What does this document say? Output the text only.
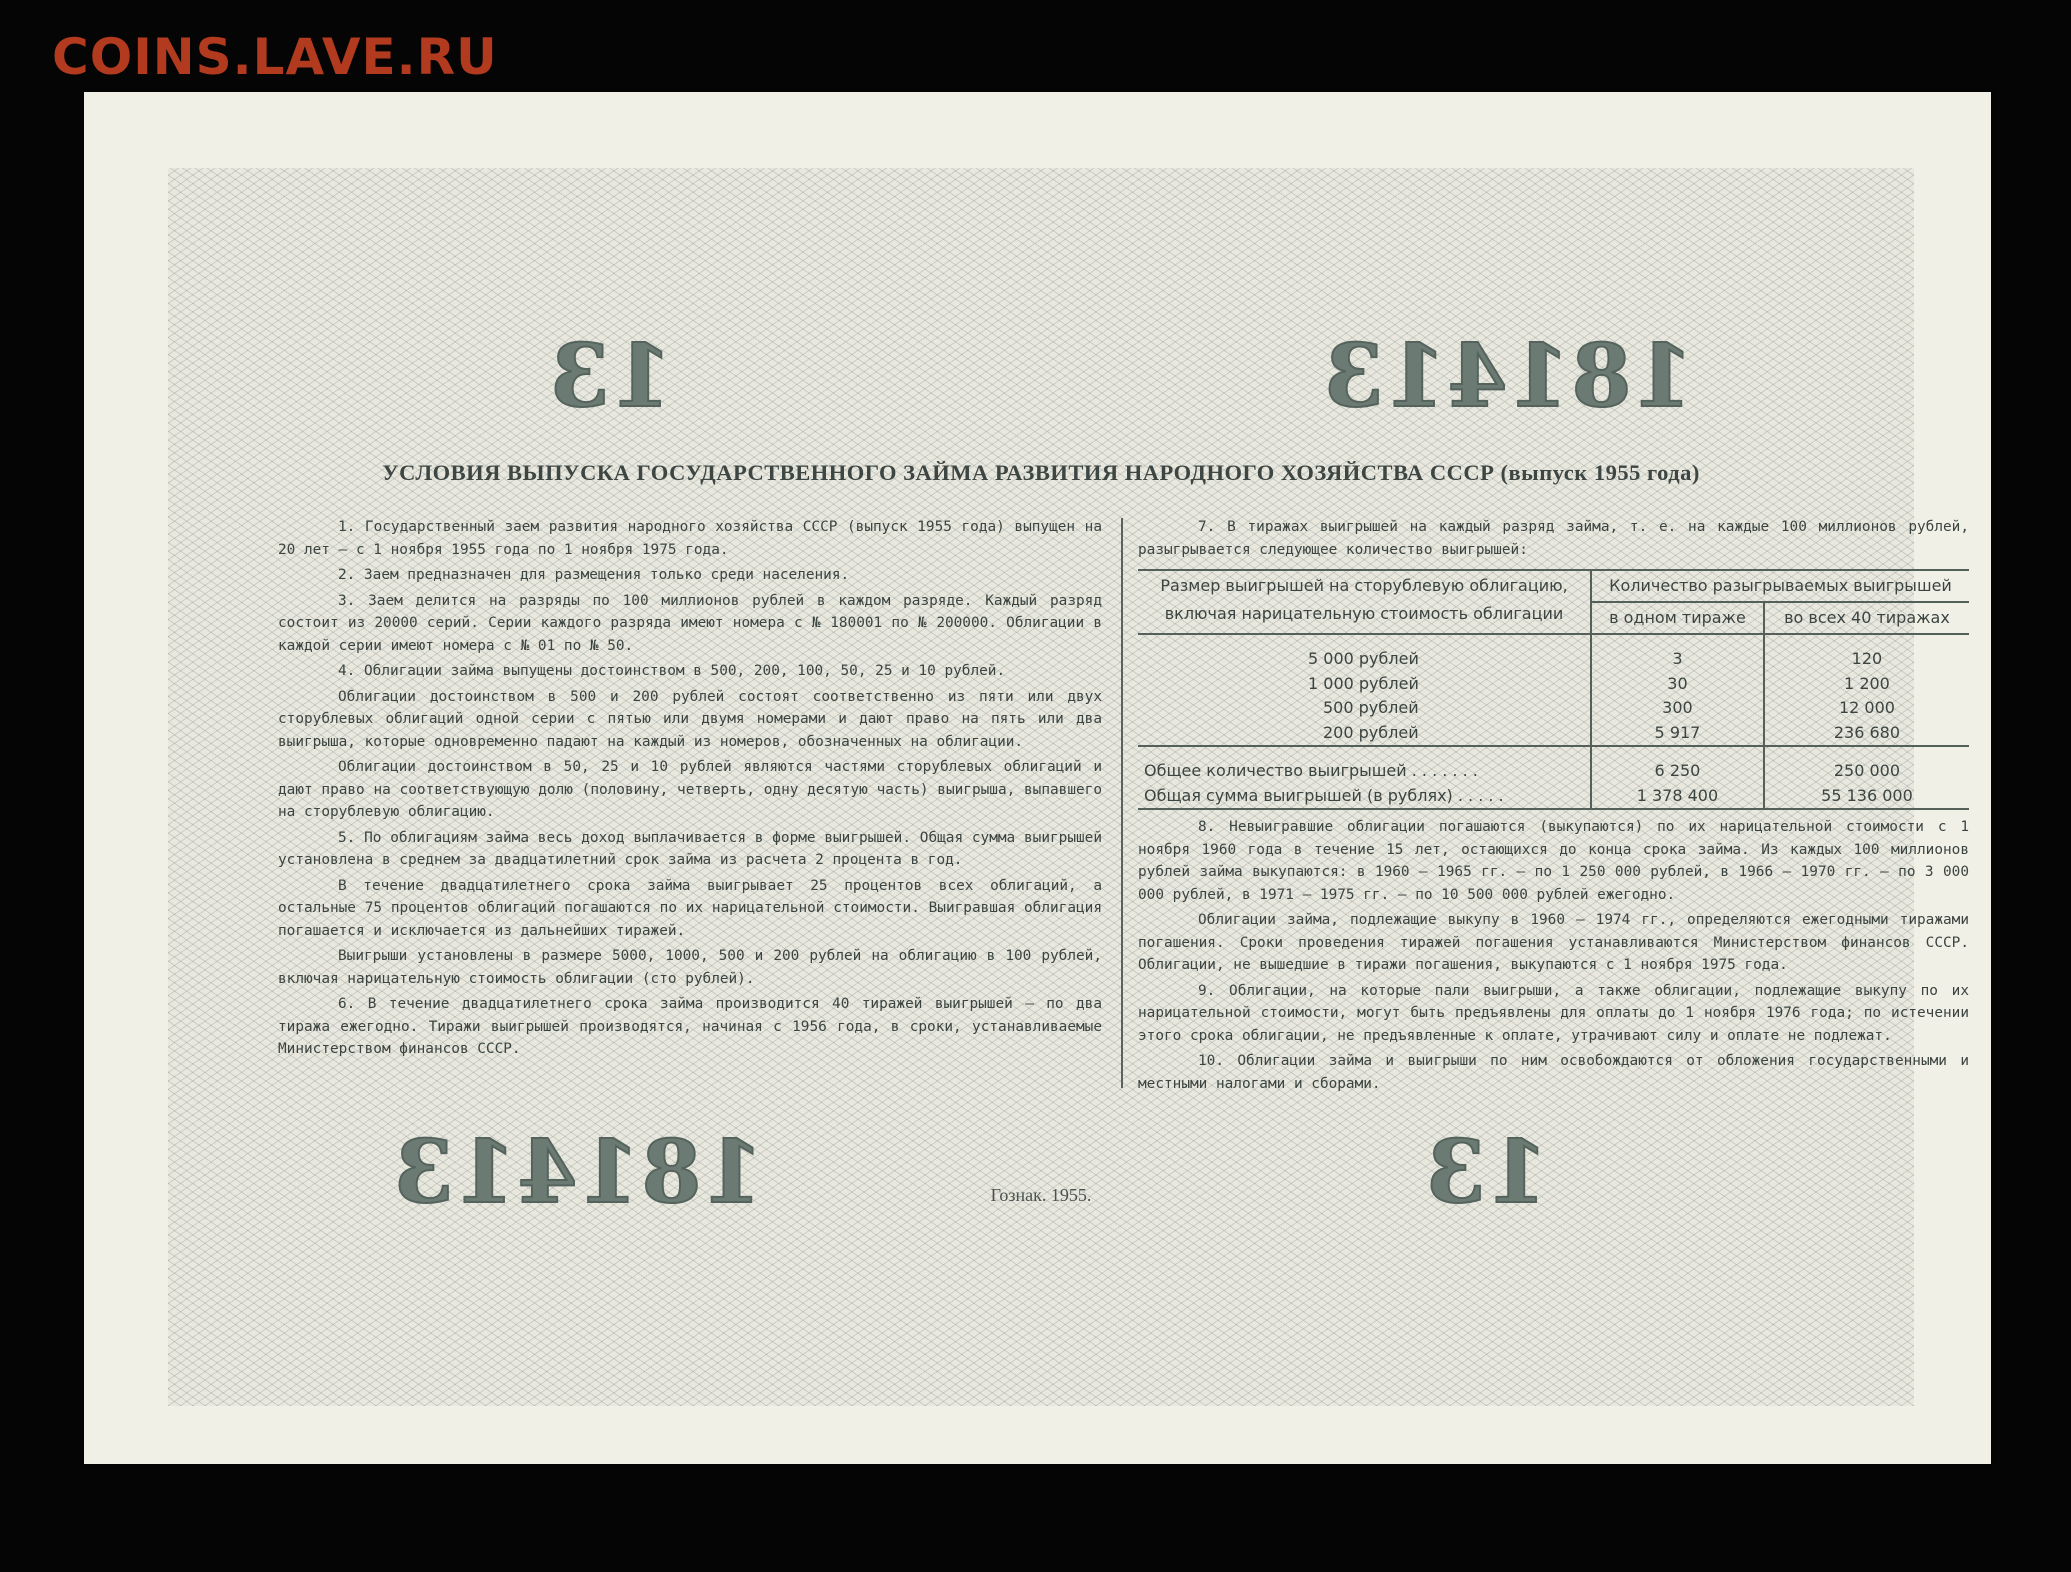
COINS.LAVE.RU
181413
13
УСЛОВИЯ ВЫПУСКА ГОСУДАРСТВЕННОГО ЗАЙМА РАЗВИТИЯ НАРОДНОГО ХОЗЯЙСТВА СССР (выпуск 1955 года)

1. Государственный заем развития народного хозяйства СССР (выпуск 1955 года) выпущен на 20 лет — с 1 ноября 1955 года по 1 ноября 1975 года.

2. Заем предназначен для размещения только среди населения.

3. Заем делится на разряды по 100 миллионов рублей в каждом разряде. Каждый разряд состоит из 20000 серий. Серии каждого разряда имеют номера с № 180001 по № 200000. Облигации в каждой серии имеют номера с № 01 по № 50.

4. Облигации займа выпущены достоинством в 500, 200, 100, 50, 25 и 10 рублей.

Облигации достоинством в 500 и 200 рублей состоят соответственно из пяти или двух сторублевых облигаций одной серии с пятью или двумя номерами и дают право на пять или два выигрыша, которые одновременно падают на каждый из номеров, обозначенных на облигации.

Облигации достоинством в 50, 25 и 10 рублей являются частями сторублевых облигаций и дают право на соответствующую долю (половину, четверть, одну десятую часть) выигрыша, выпавшего на сторублевую облигацию.

5. По облигациям займа весь доход выплачивается в форме выигрышей. Общая сумма выигрышей установлена в среднем за двадцатилетний срок займа из расчета 2 процента в год.

В течение двадцатилетнего срока займа выигрывает 25 процентов всех облигаций, а остальные 75 процентов облигаций погашаются по их нарицательной стоимости. Выигравшая облигация погашается и исключается из дальнейших тиражей.

Выигрыши установлены в размере 5000, 1000, 500 и 200 рублей на облигацию в 100 рублей, включая нарицательную стоимость облигации (сто рублей).

6. В течение двадцатилетнего срока займа производится 40 тиражей выигрышей — по два тиража ежегодно. Тиражи выигрышей производятся, начиная с 1956 года, в сроки, устанавливаемые Министерством финансов СССР.

7. В тиражах выигрышей на каждый разряд займа, т. е. на каждые 100 миллионов рублей, разыгрывается следующее количество выигрышей:

Размер выигрышей на сторублевую облигацию, включая нарицательную стоимость облигации	Количество разыгрываемых выигрышей	
	в одном тираже	во всех 40 тиражах

5 000 рублей	3	120
1 000 рублей	30	1 200
500 рублей	300	12 000
200 рублей	5 917	236 680

Общее количество выигрышей . . . . . . .	6 250	250 000
Общая сумма выигрышей (в рублях) . . . . .	1 378 400	55 136 000

8. Невыигравшие облигации погашаются (выкупаются) по их нарицательной стоимости с 1 ноября 1960 года в течение 15 лет, остающихся до конца срока займа. Из каждых 100 миллионов рублей займа выкупаются: в 1960 — 1965 гг. — по 1 250 000 рублей, в 1966 — 1970 гг. — по 3 000 000 рублей, в 1971 — 1975 гг. — по 10 500 000 рублей ежегодно.

Облигации займа, подлежащие выкупу в 1960 — 1974 гг., определяются ежегодными тиражами погашения. Сроки проведения тиражей погашения устанавливаются Министерством финансов СССР. Облигации, не вышедшие в тиражи погашения, выкупаются с 1 ноября 1975 года.

9. Облигации, на которые пали выигрыши, а также облигации, подлежащие выкупу по их нарицательной стоимости, могут быть предъявлены для оплаты до 1 ноября 1976 года; по истечении этого срока облигации, не предъявленные к оплате, утрачивают силу и оплате не подлежат.

10. Облигации займа и выигрыши по ним освобождаются от обложения государственными и местными налогами и сборами.

Гознак. 1955.
181413	13
